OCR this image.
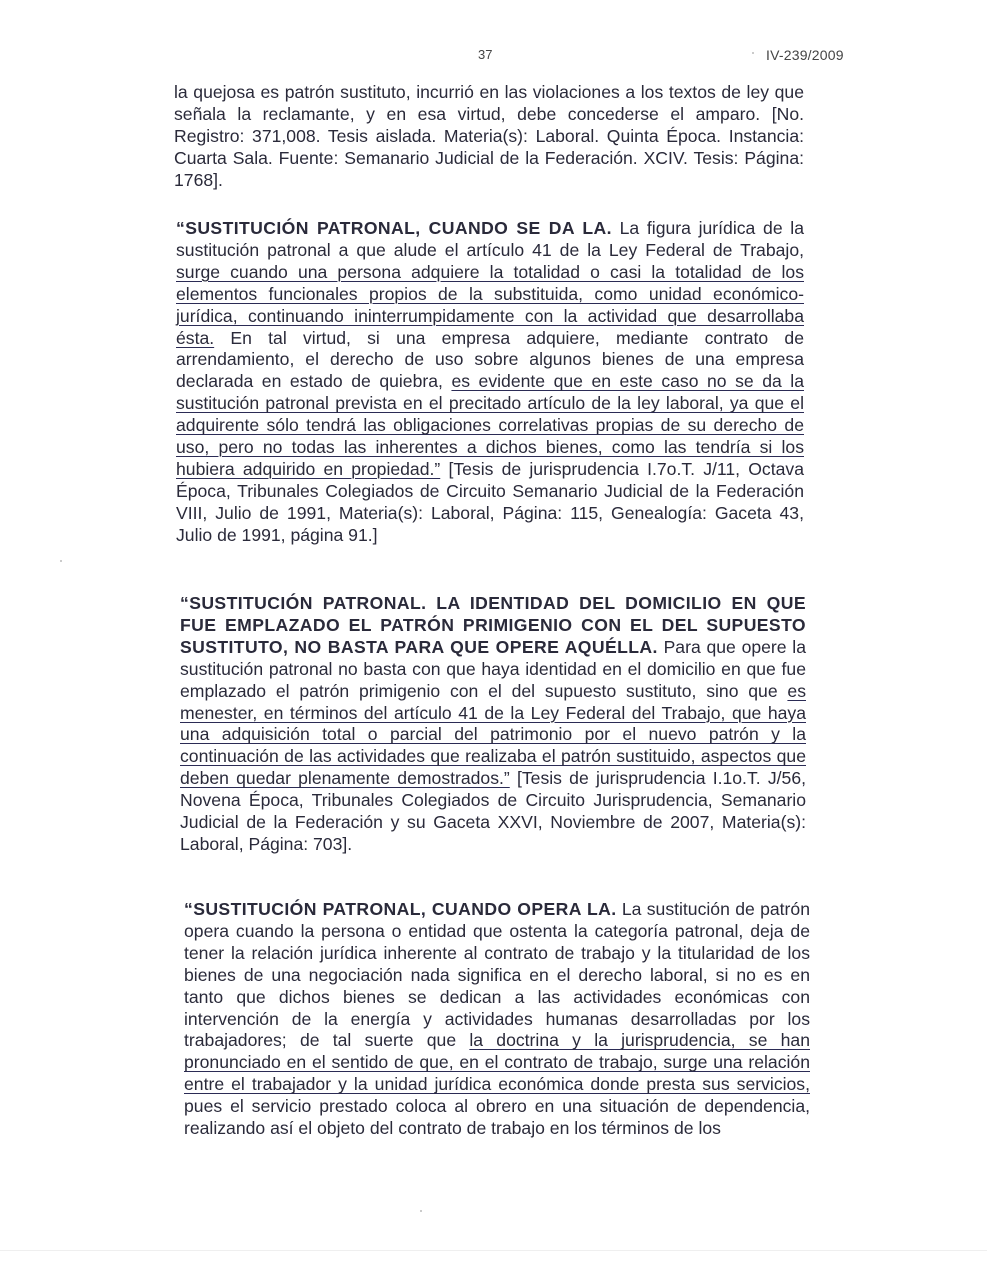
37	IV-239/2009

la quejosa es patrón sustituto, incurrió en las violaciones a los textos de ley que señala la reclamante, y en esa virtud, debe concederse el amparo. [No. Registro: 371,008. Tesis aislada. Materia(s): Laboral. Quinta Época. Instancia: Cuarta Sala. Fuente: Semanario Judicial de la Federación. XCIV. Tesis: Página: 1768].

“SUSTITUCIÓN PATRONAL, CUANDO SE DA LA. La figura jurídica de la sustitución patronal a que alude el artículo 41 de la Ley Federal de Trabajo, surge cuando una persona adquiere la totalidad o casi la totalidad de los elementos funcionales propios de la substituida, como unidad económico-jurídica, continuando ininterrumpidamente con la actividad que desarrollaba ésta. En tal virtud, si una empresa adquiere, mediante contrato de arrendamiento, el derecho de uso sobre algunos bienes de una empresa declarada en estado de quiebra, es evidente que en este caso no se da la sustitución patronal prevista en el precitado artículo de la ley laboral, ya que el adquirente sólo tendrá las obligaciones correlativas propias de su derecho de uso, pero no todas las inherentes a dichos bienes, como las tendría si los hubiera adquirido en propiedad.” [Tesis de jurisprudencia I.7o.T. J/11, Octava Época, Tribunales Colegiados de Circuito Semanario Judicial de la Federación VIII, Julio de 1991, Materia(s): Laboral, Página: 115, Genealogía: Gaceta 43, Julio de 1991, página 91.]

“SUSTITUCIÓN PATRONAL. LA IDENTIDAD DEL DOMICILIO EN QUE FUE EMPLAZADO EL PATRÓN PRIMIGENIO CON EL DEL SUPUESTO SUSTITUTO, NO BASTA PARA QUE OPERE AQUÉLLA. Para que opere la sustitución patronal no basta con que haya identidad en el domicilio en que fue emplazado el patrón primigenio con el del supuesto sustituto, sino que es menester, en términos del artículo 41 de la Ley Federal del Trabajo, que haya una adquisición total o parcial del patrimonio por el nuevo patrón y la continuación de las actividades que realizaba el patrón sustituido, aspectos que deben quedar plenamente demostrados.” [Tesis de jurisprudencia I.1o.T. J/56, Novena Época, Tribunales Colegiados de Circuito Jurisprudencia, Semanario Judicial de la Federación y su Gaceta XXVI, Noviembre de 2007, Materia(s): Laboral, Página: 703].

“SUSTITUCIÓN PATRONAL, CUANDO OPERA LA. La sustitución de patrón opera cuando la persona o entidad que ostenta la categoría patronal, deja de tener la relación jurídica inherente al contrato de trabajo y la titularidad de los bienes de una negociación nada significa en el derecho laboral, si no es en tanto que dichos bienes se dedican a las actividades económicas con intervención de la energía y actividades humanas desarrolladas por los trabajadores; de tal suerte que la doctrina y la jurisprudencia, se han pronunciado en el sentido de que, en el contrato de trabajo, surge una relación entre el trabajador y la unidad jurídica económica donde presta sus servicios, pues el servicio prestado coloca al obrero en una situación de dependencia, realizando así el objeto del contrato de trabajo en los términos de los
